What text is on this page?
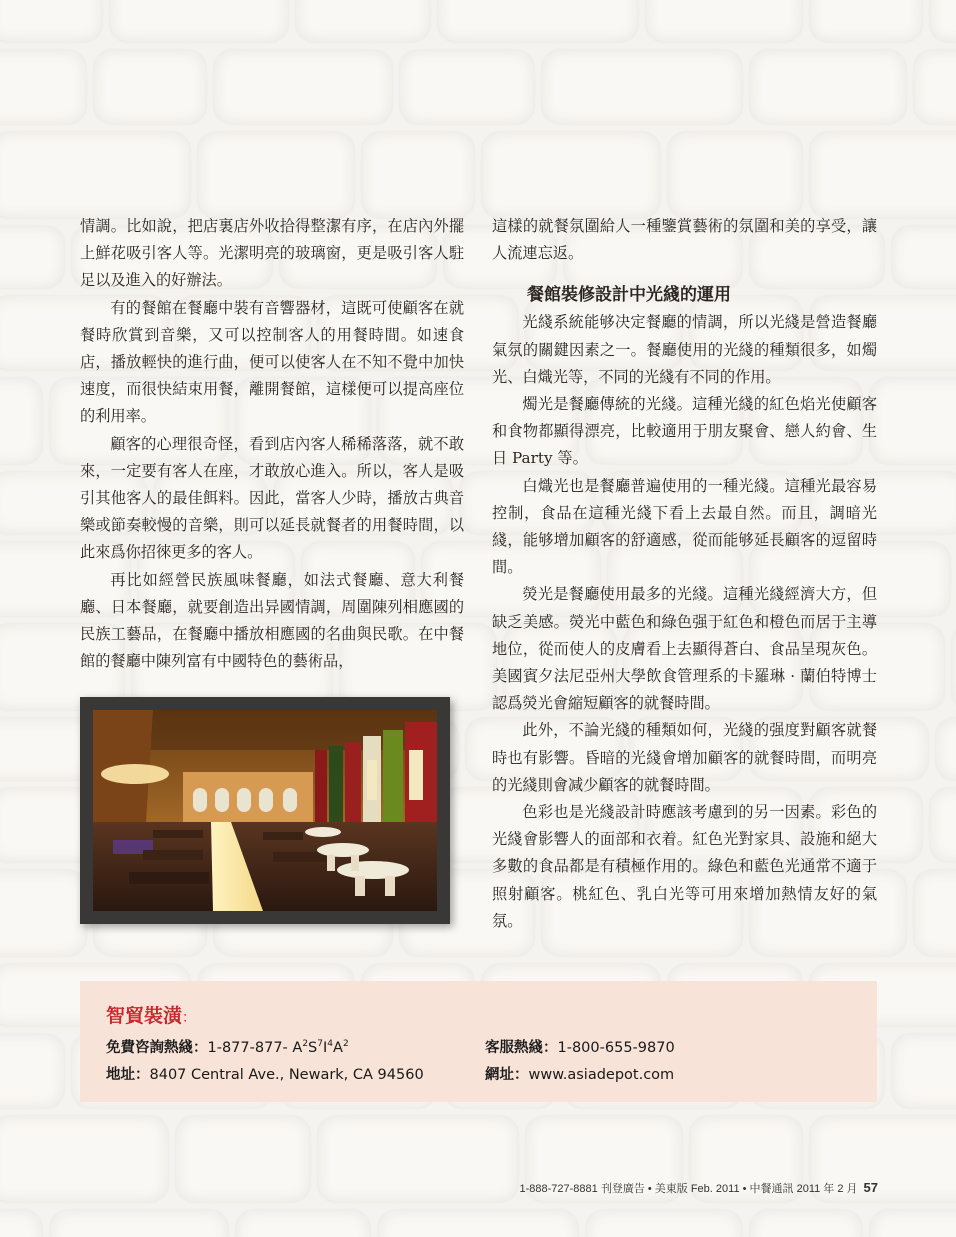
情調。比如說，把店裏店外收拾得整潔有序，在店內外擺上鮮花吸引客人等。光潔明亮的玻璃窗，更是吸引客人駐足以及進入的好辦法。

有的餐館在餐廳中裝有音響器材，這既可使顧客在就餐時欣賞到音樂，又可以控制客人的用餐時間。如速食店，播放輕快的進行曲，便可以使客人在不知不覺中加快速度，而很快結束用餐，離開餐館，這樣便可以提高座位的利用率。

顧客的心理很奇怪，看到店內客人稀稀落落，就不敢來，一定要有客人在座，才敢放心進入。所以，客人是吸引其他客人的最佳餌料。因此，當客人少時，播放古典音樂或節奏較慢的音樂，則可以延長就餐者的用餐時間，以此來爲你招徠更多的客人。

再比如經營民族風味餐廳，如法式餐廳、意大利餐廳、日本餐廳，就要創造出异國情調，周圍陳列相應國的民族工藝品，在餐廳中播放相應國的名曲與民歌。在中餐館的餐廳中陳列富有中國特色的藝術品，

這樣的就餐氛圍給人一種鑒賞藝術的氛圍和美的享受，讓人流連忘返。

餐館裝修設計中光綫的運用

光綫系統能够决定餐廳的情調，所以光綫是營造餐廳氣氛的關鍵因素之一。餐廳使用的光綫的種類很多，如燭光、白熾光等，不同的光綫有不同的作用。

燭光是餐廳傳統的光綫。這種光綫的紅色焰光使顧客和食物都顯得漂亮，比較適用于朋友聚會、戀人約會、生日 Party 等。

白熾光也是餐廳普遍使用的一種光綫。這種光最容易控制，食品在這種光綫下看上去最自然。而且，調暗光綫，能够增加顧客的舒適感，從而能够延長顧客的逗留時間。

熒光是餐廳使用最多的光綫。這種光綫經濟大方，但缺乏美感。熒光中藍色和綠色强于紅色和橙色而居于主導地位，從而使人的皮膚看上去顯得蒼白、食品呈現灰色。美國賓夕法尼亞州大學飲食管理系的卡羅琳 · 蘭伯特博士認爲熒光會縮短顧客的就餐時間。

此外，不論光綫的種類如何，光綫的强度對顧客就餐時也有影響。昏暗的光綫會增加顧客的就餐時間，而明亮的光綫則會减少顧客的就餐時間。

色彩也是光綫設計時應該考慮到的另一因素。彩色的光綫會影響人的面部和衣着。紅色光對家具、設施和絕大多數的食品都是有積極作用的。綠色和藍色光通常不適于照射顧客。桃紅色、乳白光等可用來增加熱情友好的氣氛。

智貿裝潢：
免費咨詢熱綫：1-877-877- $A^2S^7I^4A^2$
地址：8407 Central Ave., Newark, CA 94560
客服熱綫：1-800-655-9870
網址：www.asiadepot.com
1-888-727-8881 刊登廣告 • 美東版 Feb. 2011 • 中餐通訊 2011 年 2 月 57
